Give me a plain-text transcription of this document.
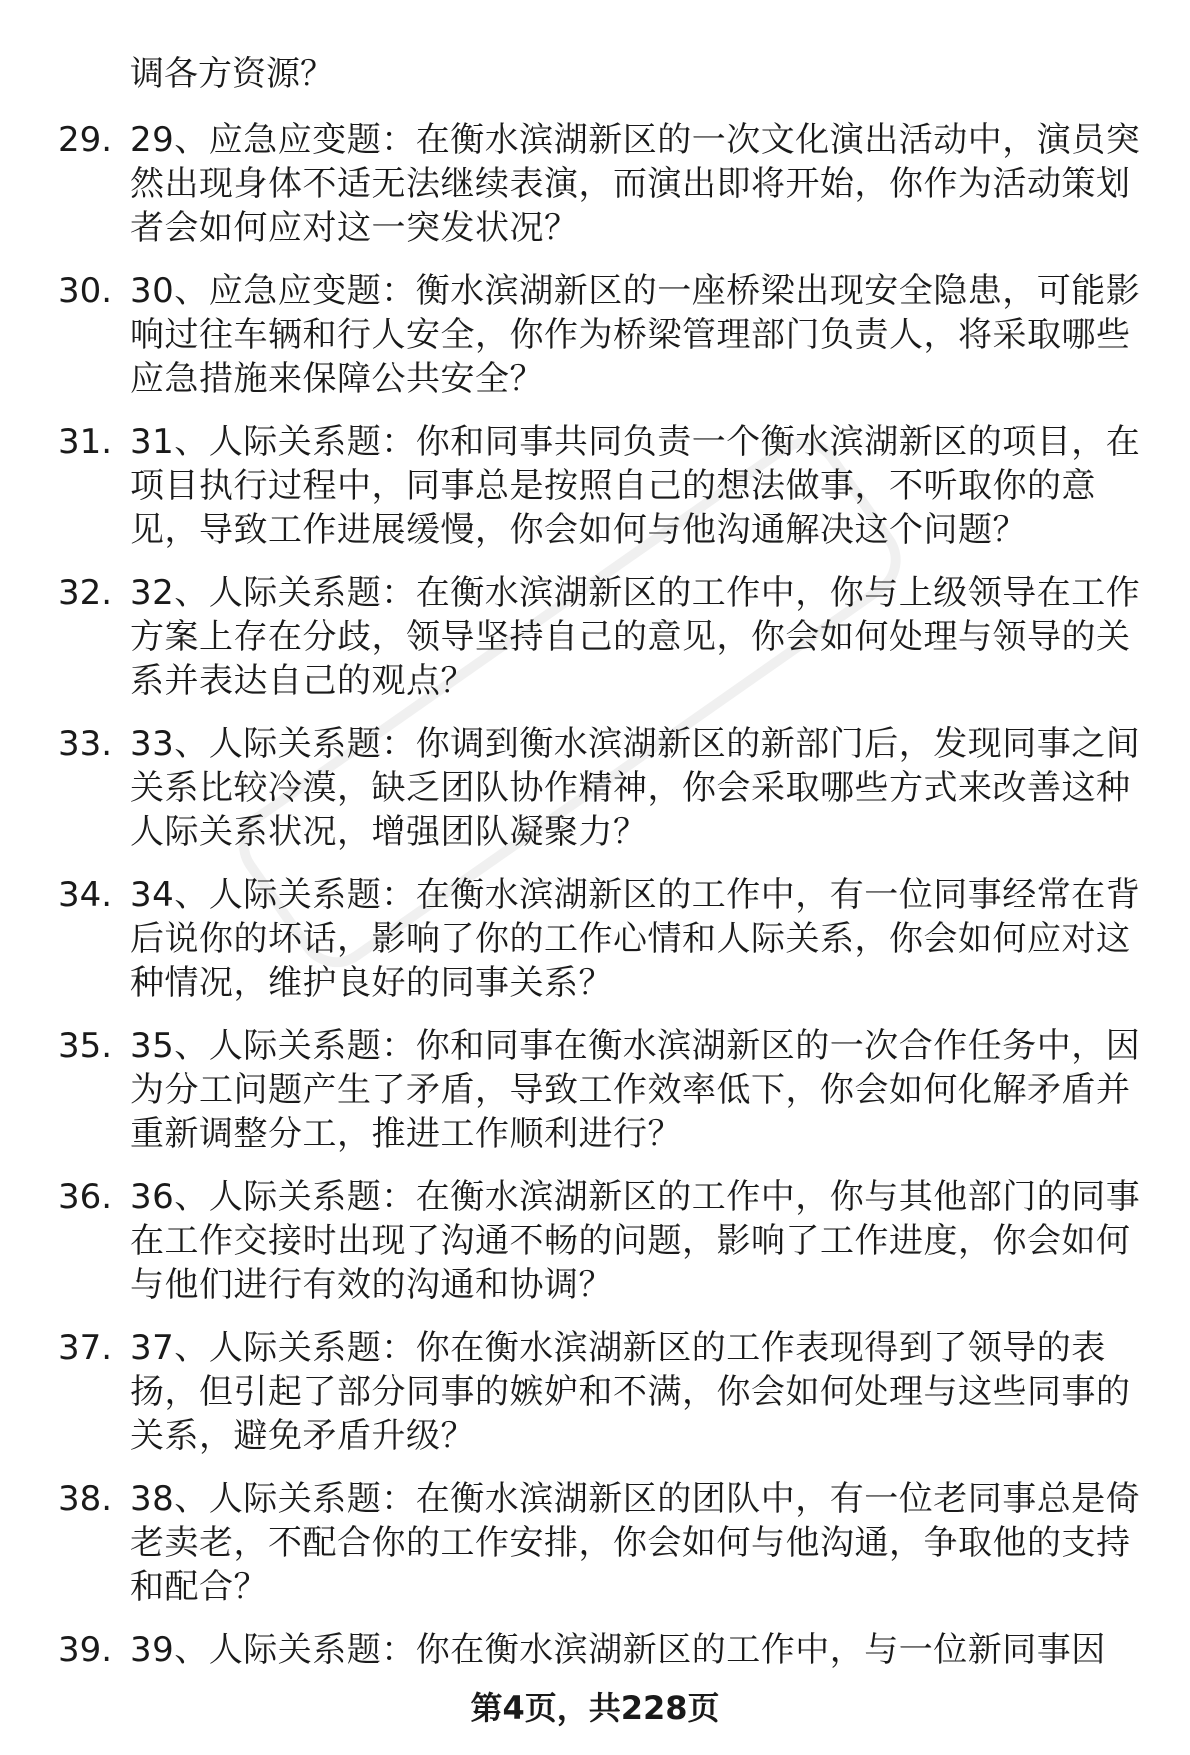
调各方资源？

29. 29、应急应变题：在衡水滨湖新区的一次文化演出活动中，演员突然出现身体不适无法继续表演，而演出即将开始，你作为活动策划者会如何应对这一突发状况？

30. 30、应急应变题：衡水滨湖新区的一座桥梁出现安全隐患，可能影响过往车辆和行人安全，你作为桥梁管理部门负责人，将采取哪些应急措施来保障公共安全？

31. 31、人际关系题：你和同事共同负责一个衡水滨湖新区的项目，在项目执行过程中，同事总是按照自己的想法做事，不听取你的意见，导致工作进展缓慢，你会如何与他沟通解决这个问题？

32. 32、人际关系题：在衡水滨湖新区的工作中，你与上级领导在工作方案上存在分歧，领导坚持自己的意见，你会如何处理与领导的关系并表达自己的观点？

33. 33、人际关系题：你调到衡水滨湖新区的新部门后，发现同事之间关系比较冷漠，缺乏团队协作精神，你会采取哪些方式来改善这种人际关系状况，增强团队凝聚力？

34. 34、人际关系题：在衡水滨湖新区的工作中，有一位同事经常在背后说你的坏话，影响了你的工作心情和人际关系，你会如何应对这种情况，维护良好的同事关系？

35. 35、人际关系题：你和同事在衡水滨湖新区的一次合作任务中，因为分工问题产生了矛盾，导致工作效率低下，你会如何化解矛盾并重新调整分工，推进工作顺利进行？

36. 36、人际关系题：在衡水滨湖新区的工作中，你与其他部门的同事在工作交接时出现了沟通不畅的问题，影响了工作进度，你会如何与他们进行有效的沟通和协调？

37. 37、人际关系题：你在衡水滨湖新区的工作表现得到了领导的表扬，但引起了部分同事的嫉妒和不满，你会如何处理与这些同事的关系，避免矛盾升级？

38. 38、人际关系题：在衡水滨湖新区的团队中，有一位老同事总是倚老卖老，不配合你的工作安排，你会如何与他沟通，争取他的支持和配合？

39. 39、人际关系题：你在衡水滨湖新区的工作中，与一位新同事因

第4页，共228页
